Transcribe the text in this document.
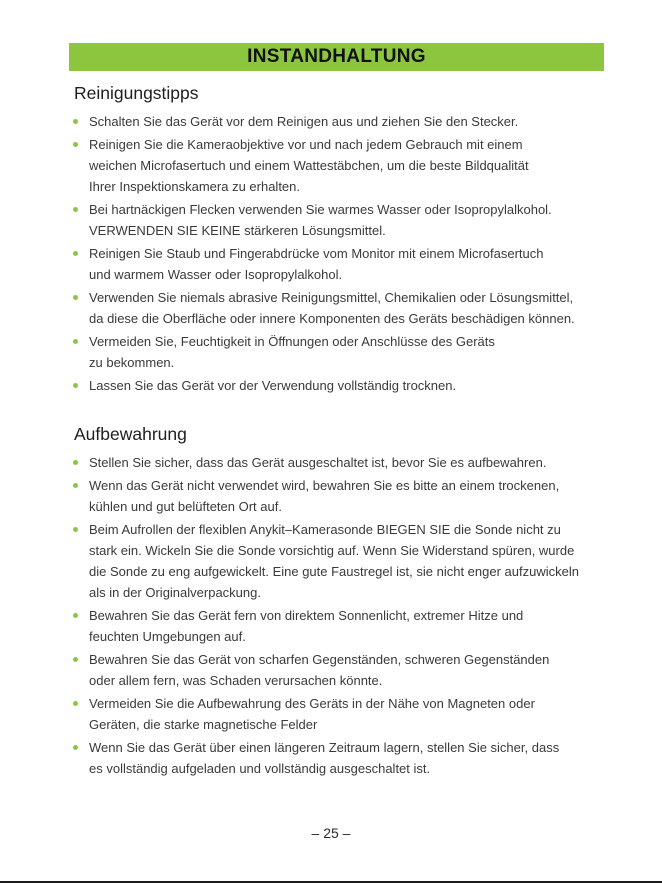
INSTANDHALTUNG
Reinigungstipps
Schalten Sie das Gerät vor dem Reinigen aus und ziehen Sie den Stecker.
Reinigen Sie die Kameraobjektive vor und nach jedem Gebrauch mit einem
weichen Microfasertuch und einem Wattestäbchen, um die beste Bildqualität
Ihrer Inspektionskamera zu erhalten.
Bei hartnäckigen Flecken verwenden Sie warmes Wasser oder Isopropylalkohol.
VERWENDEN SIE KEINE stärkeren Lösungsmittel.
Reinigen Sie Staub und Fingerabdrücke vom Monitor mit einem Microfasertuch
und warmem Wasser oder Isopropylalkohol.
Verwenden Sie niemals abrasive Reinigungsmittel, Chemikalien oder Lösungsmittel,
da diese die Oberfläche oder innere Komponenten des Geräts beschädigen können.
Vermeiden Sie, Feuchtigkeit in Öffnungen oder Anschlüsse des Geräts
zu bekommen.
Lassen Sie das Gerät vor der Verwendung vollständig trocknen.
Aufbewahrung
Stellen Sie sicher, dass das Gerät ausgeschaltet ist, bevor Sie es aufbewahren.
Wenn das Gerät nicht verwendet wird, bewahren Sie es bitte an einem trockenen,
kühlen und gut belüfteten Ort auf.
Beim Aufrollen der flexiblen Anykit–Kamerasonde BIEGEN SIE die Sonde nicht zu
stark ein. Wickeln Sie die Sonde vorsichtig auf. Wenn Sie Widerstand spüren, wurde
die Sonde zu eng aufgewickelt. Eine gute Faustregel ist, sie nicht enger aufzuwickeln
als in der Originalverpackung.
Bewahren Sie das Gerät fern von direktem Sonnenlicht, extremer Hitze und
feuchten Umgebungen auf.
Bewahren Sie das Gerät von scharfen Gegenständen, schweren Gegenständen
oder allem fern, was Schaden verursachen könnte.
Vermeiden Sie die Aufbewahrung des Geräts in der Nähe von Magneten oder
Geräten, die starke magnetische Felder
Wenn Sie das Gerät über einen längeren Zeitraum lagern, stellen Sie sicher, dass
es vollständig aufgeladen und vollständig ausgeschaltet ist.
– 25 –
